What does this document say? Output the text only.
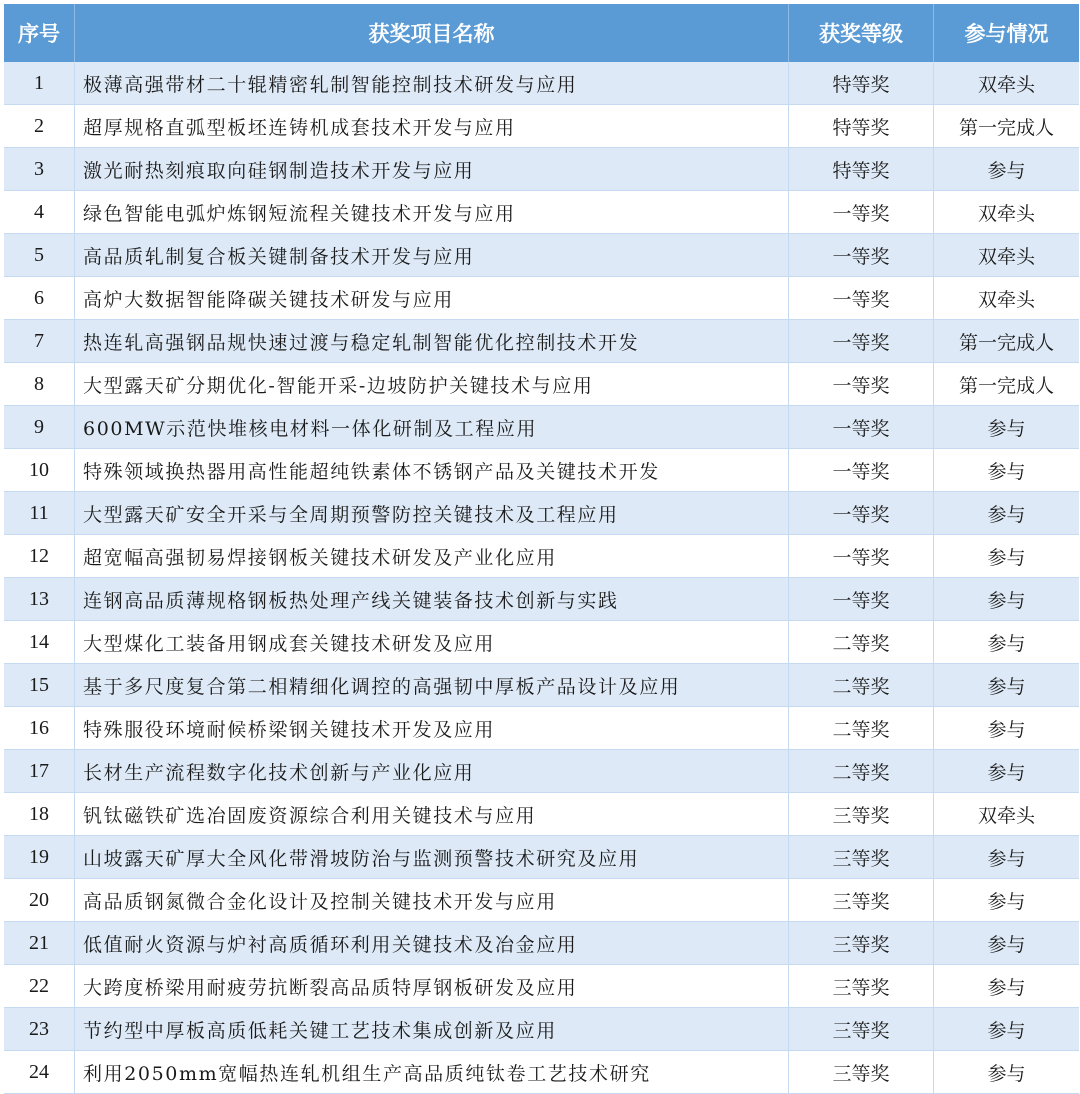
序号	获奖项目名称	获奖等级	参与情况
1	极薄高强带材二十辊精密轧制智能控制技术研发与应用	特等奖	双牵头
2	超厚规格直弧型板坯连铸机成套技术开发与应用	特等奖	第一完成人
3	激光耐热刻痕取向硅钢制造技术开发与应用	特等奖	参与
4	绿色智能电弧炉炼钢短流程关键技术开发与应用	一等奖	双牵头
5	高品质轧制复合板关键制备技术开发与应用	一等奖	双牵头
6	高炉大数据智能降碳关键技术研发与应用	一等奖	双牵头
7	热连轧高强钢品规快速过渡与稳定轧制智能优化控制技术开发	一等奖	第一完成人
8	大型露天矿分期优化-智能开采-边坡防护关键技术与应用	一等奖	第一完成人
9	600MW示范快堆核电材料一体化研制及工程应用	一等奖	参与
10	特殊领域换热器用高性能超纯铁素体不锈钢产品及关键技术开发	一等奖	参与
11	大型露天矿安全开采与全周期预警防控关键技术及工程应用	一等奖	参与
12	超宽幅高强韧易焊接钢板关键技术研发及产业化应用	一等奖	参与
13	连钢高品质薄规格钢板热处理产线关键装备技术创新与实践	一等奖	参与
14	大型煤化工装备用钢成套关键技术研发及应用	二等奖	参与
15	基于多尺度复合第二相精细化调控的高强韧中厚板产品设计及应用	二等奖	参与
16	特殊服役环境耐候桥梁钢关键技术开发及应用	二等奖	参与
17	长材生产流程数字化技术创新与产业化应用	二等奖	参与
18	钒钛磁铁矿选冶固废资源综合利用关键技术与应用	三等奖	双牵头
19	山坡露天矿厚大全风化带滑坡防治与监测预警技术研究及应用	三等奖	参与
20	高品质钢氮微合金化设计及控制关键技术开发与应用	三等奖	参与
21	低值耐火资源与炉衬高质循环利用关键技术及冶金应用	三等奖	参与
22	大跨度桥梁用耐疲劳抗断裂高品质特厚钢板研发及应用	三等奖	参与
23	节约型中厚板高质低耗关键工艺技术集成创新及应用	三等奖	参与
24	利用2050mm宽幅热连轧机组生产高品质纯钛卷工艺技术研究	三等奖	参与
